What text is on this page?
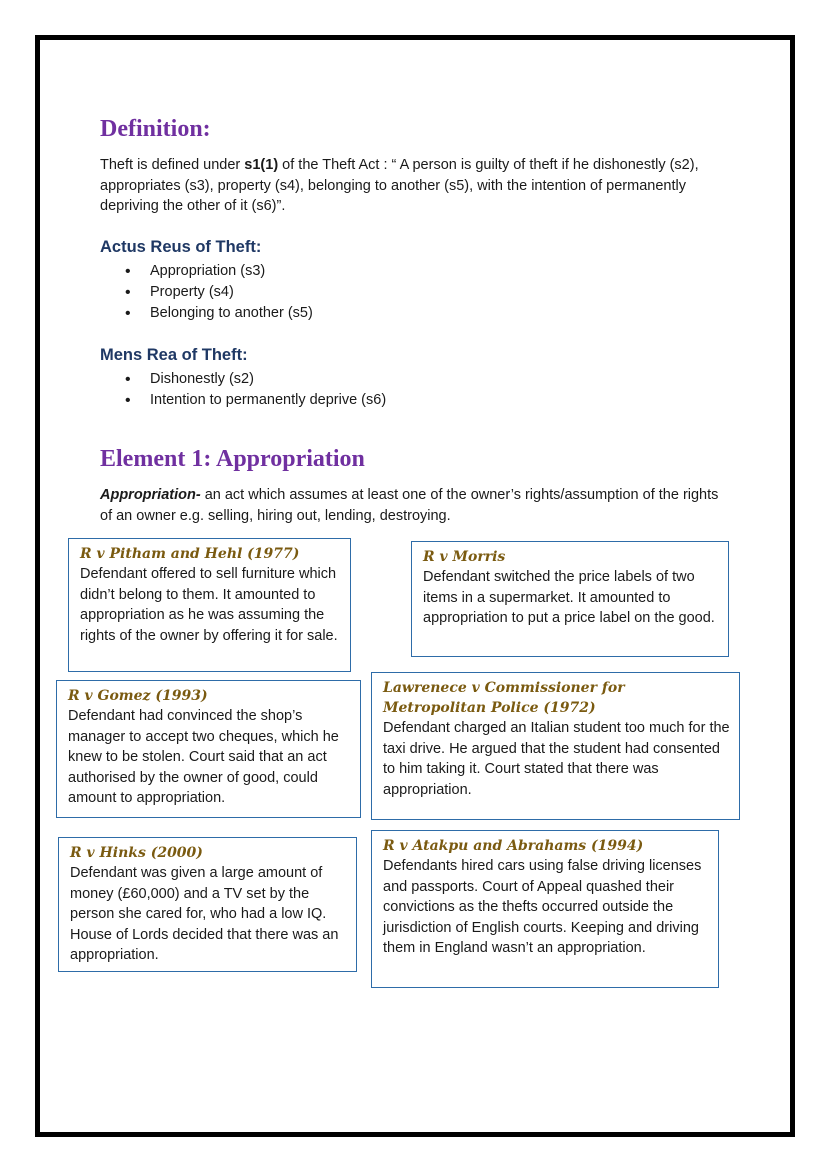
Definition:

Theft is defined under s1(1) of the Theft Act : “ A person is guilty of theft if he dishonestly (s2), appropriates (s3), property (s4), belonging to another (s5), with the intention of permanently depriving the other of it (s6)”.

Actus Reus of Theft:
• Appropriation (s3)
• Property (s4)
• Belonging to another (s5)
Mens Rea of Theft:
• Dishonestly (s2)
• Intention to permanently deprive (s6)
Element 1: Appropriation

Appropriation- an act which assumes at least one of the owner’s rights/assumption of the rights of an owner e.g. selling, hiring out, lending, destroying.

R v Pitham and Hehl (1977)

Defendant offered to sell furniture which didn’t belong to them. It amounted to appropriation as he was assuming the rights of the owner by offering it for sale.

R v Morris

Defendant switched the price labels of two items in a supermarket. It amounted to appropriation to put a price label on the good.

R v Gomez (1993)

Defendant had convinced the shop’s manager to accept two cheques, which he knew to be stolen. Court said that an act authorised by the owner of good, could amount to appropriation.

Lawrenece v Commissioner for Metropolitan Police (1972)

Defendant charged an Italian student too much for the taxi drive. He argued that the student had consented to him taking it. Court stated that there was appropriation.

R v Hinks (2000)

Defendant was given a large amount of money (£60,000) and a TV set by the person she cared for, who had a low IQ. House of Lords decided that there was an appropriation.

R v Atakpu and Abrahams (1994)

Defendants hired cars using false driving licenses and passports. Court of Appeal quashed their convictions as the thefts occurred outside the jurisdiction of English courts. Keeping and driving them in England wasn’t an appropriation.
